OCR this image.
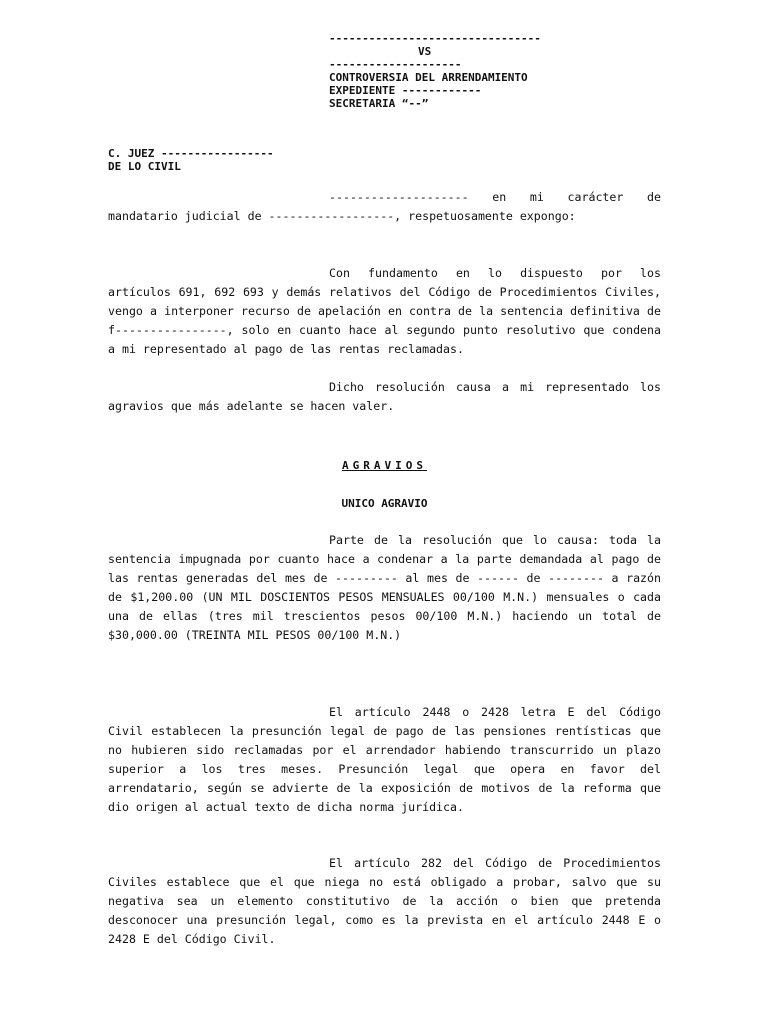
--------------------------------
VS
--------------------
CONTROVERSIA DEL ARRENDAMIENTO
EXPEDIENTE ------------
SECRETARIA “--”
C. JUEZ -----------------
DE LO CIVIL
-------------------- en mi carácter de mandatario judicial de ------------------, respetuosamente expongo:
Con fundamento en lo dispuesto por los artículos 691, 692 693 y demás relativos del Código de Procedimientos Civiles, vengo a interponer recurso de apelación en contra de la sentencia definitiva de f----------------, solo en cuanto hace al segundo punto resolutivo que condena a mi representado al pago de las rentas reclamadas.
Dicho resolución causa a mi representado los agravios que más adelante se hacen valer.
AGRAVIOS
UNICO AGRAVIO
Parte de la resolución que lo causa: toda la sentencia impugnada por cuanto hace a condenar a la parte demandada al pago de las rentas generadas del mes de --------- al mes de ------ de -------- a razón de $1,200.00 (UN MIL DOSCIENTOS PESOS MENSUALES 00/100 M.N.) mensuales o cada una de ellas (tres mil trescientos pesos 00/100 M.N.) haciendo un total de $30,000.00 (TREINTA MIL PESOS 00/100 M.N.)
El artículo 2448 o 2428 letra E del Código Civil establecen la presunción legal de pago de las pensiones rentísticas que no hubieren sido reclamadas por el arrendador habiendo transcurrido un plazo superior a los tres meses. Presunción legal que opera en favor del arrendatario, según se advierte de la exposición de motivos de la reforma que dio origen al actual texto de dicha norma jurídica.
El artículo 282 del Código de Procedimientos Civiles establece que el que niega no está obligado a probar, salvo que su negativa sea un elemento constitutivo de la acción o bien que pretenda desconocer una presunción legal, como es la prevista en el artículo 2448 E o 2428 E del Código Civil.
